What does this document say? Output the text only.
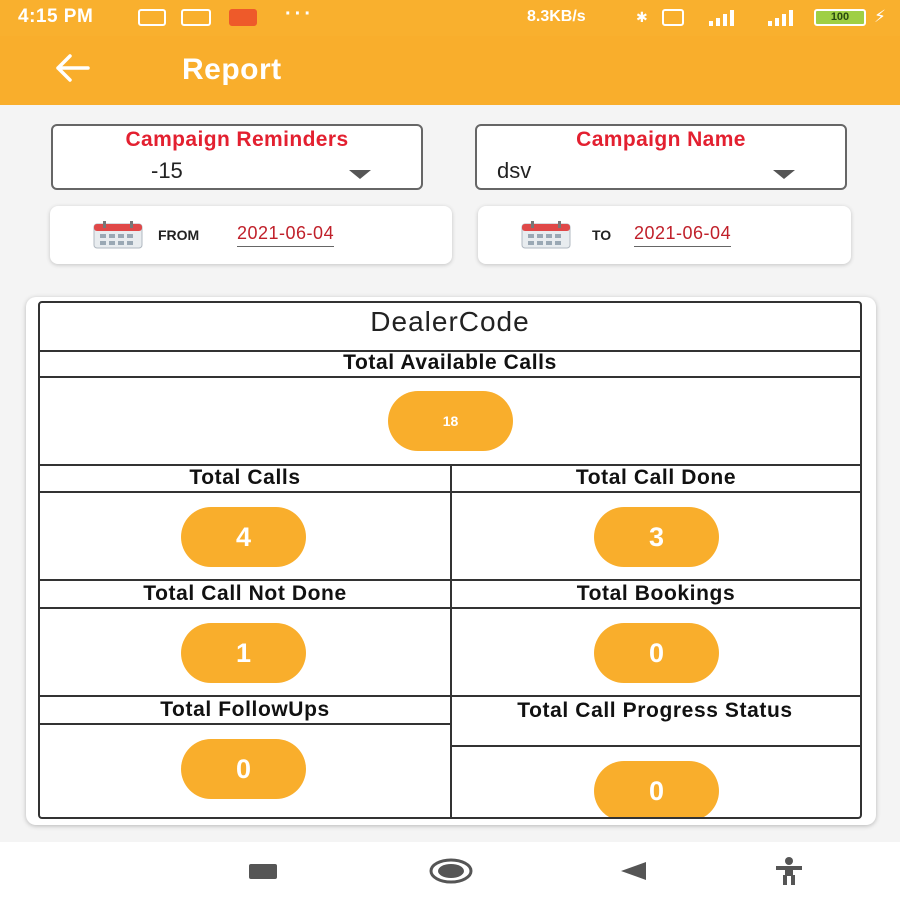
4:15 PM	···	8.3KB/s	✱	100	⚡
Report
Campaign Reminders
-15
Campaign Name
dsv
FROM 2021-06-04	TO 2021-06-04
DealerCode
Total Available Calls
18
Total Calls
4
Total Call Done
3
Total Call Not Done
1
Total Bookings
0
Total FollowUps
0
Total Call Progress Status
0
